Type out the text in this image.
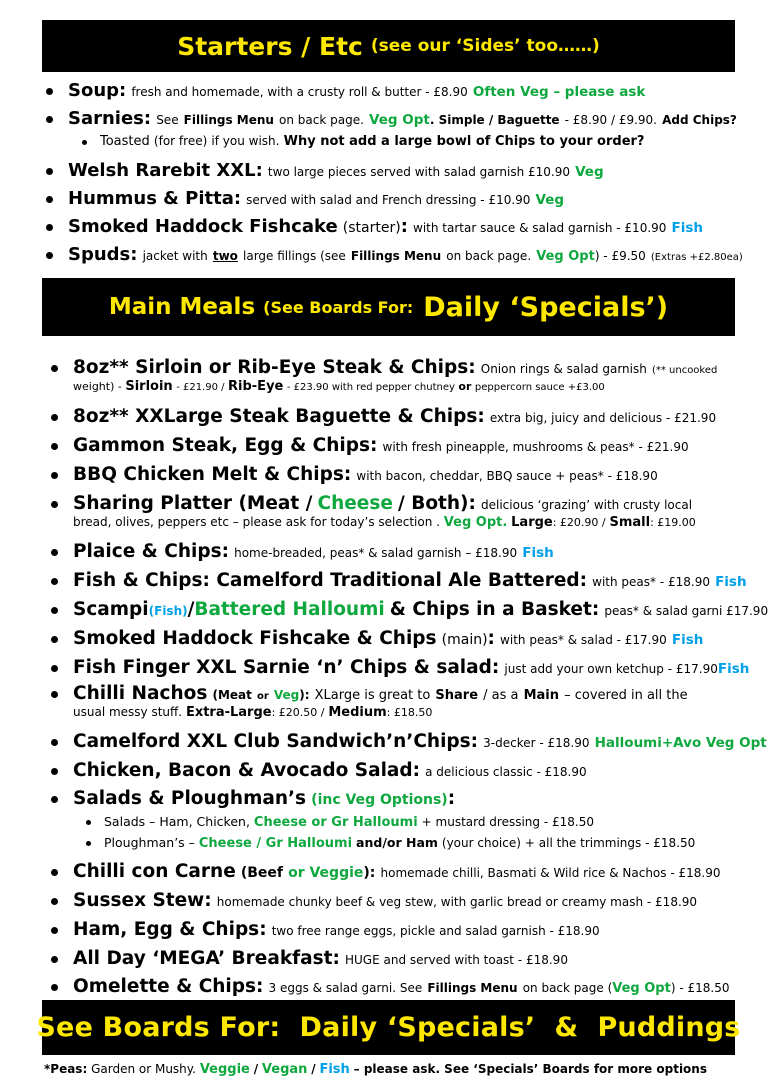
Starters / Etc (see our ‘Sides’ too……)
Soup: fresh and homemade, with a crusty roll & butter - £8.90 Often Veg – please ask
Sarnies: See Fillings Menu on back page. Veg Opt. Simple / Baguette - £8.90 / £9.90. Add Chips?
Toasted (for free) if you wish. Why not add a large bowl of Chips to your order?
Welsh Rarebit XXL: two large pieces served with salad garnish £10.90 Veg
Hummus & Pitta: served with salad and French dressing - £10.90 Veg
Smoked Haddock Fishcake (starter): with tartar sauce & salad garnish - £10.90 Fish
Spuds: jacket with two large fillings (see Fillings Menu on back page. Veg Opt) - £9.50 (Extras +£2.80ea)
Main Meals (See Boards For: Daily ‘Specials’)
8oz** Sirloin or Rib-Eye Steak & Chips: Onion rings & salad garnish (** uncooked
weight) - Sirloin - £21.90 / Rib-Eye - £23.90 with red pepper chutney or peppercorn sauce +£3.00
8oz** XXLarge Steak Baguette & Chips: extra big, juicy and delicious - £21.90
Gammon Steak, Egg & Chips: with fresh pineapple, mushrooms & peas* - £21.90
BBQ Chicken Melt & Chips: with bacon, cheddar, BBQ sauce + peas* - £18.90
Sharing Platter (Meat / Cheese / Both): delicious ‘grazing’ with crusty local
bread, olives, peppers etc – please ask for today’s selection . Veg Opt. Large: £20.90 / Small: £19.00
Plaice & Chips: home-breaded, peas* & salad garnish – £18.90 Fish
Fish & Chips: Camelford Traditional Ale Battered: with peas* - £18.90 Fish
Scampi(Fish)/Battered Halloumi & Chips in a Basket: peas* & salad garni £17.90
Smoked Haddock Fishcake & Chips (main): with peas* & salad - £17.90 Fish
Fish Finger XXL Sarnie ‘n’ Chips & salad: just add your own ketchup - £17.90Fish
Chilli Nachos (Meat or Veg): XLarge is great to Share / as a Main – covered in all the
usual messy stuff. Extra-Large: £20.50 / Medium: £18.50
Camelford XXL Club Sandwich’n’Chips: 3-decker - £18.90 Halloumi+Avo Veg Opt
Chicken, Bacon & Avocado Salad: a delicious classic - £18.90
Salads & Ploughman’s (inc Veg Options):
Salads – Ham, Chicken, Cheese or Gr Halloumi + mustard dressing - £18.50
Ploughman’s – Cheese / Gr Halloumi and/or Ham (your choice) + all the trimmings - £18.50
Chilli con Carne (Beef or Veggie): homemade chilli, Basmati & Wild rice & Nachos - £18.90
Sussex Stew: homemade chunky beef & veg stew, with garlic bread or creamy mash - £18.90
Ham, Egg & Chips: two free range eggs, pickle and salad garnish - £18.90
All Day ‘MEGA’ Breakfast: HUGE and served with toast - £18.90
Omelette & Chips: 3 eggs & salad garni. See Fillings Menu on back page (Veg Opt) - £18.50
See Boards For:  Daily ‘Specials’  &  Puddings
*Peas: Garden or Mushy. Veggie / Vegan / Fish – please ask. See ‘Specials’ Boards for more options
